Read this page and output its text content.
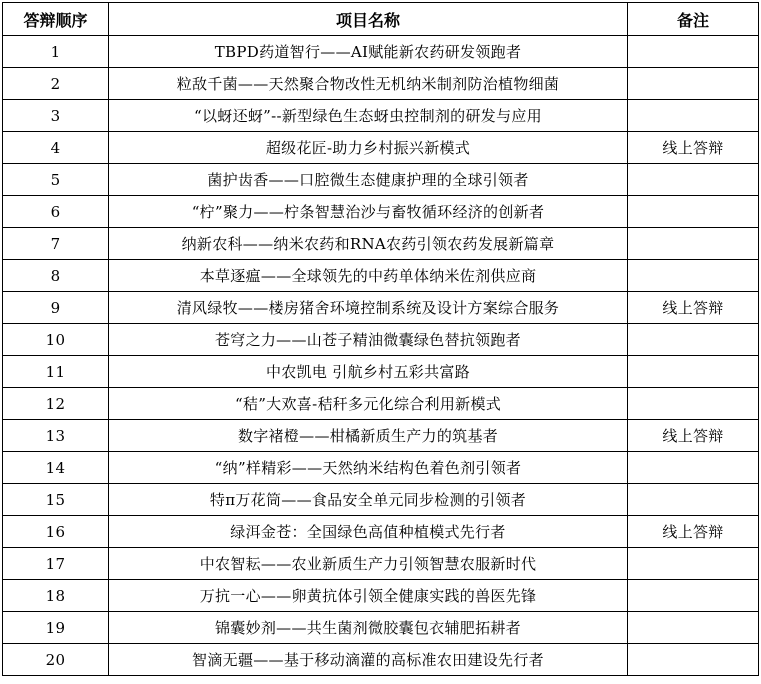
答辩顺序	项目名称	备注
1	TBPD药道智行——AI赋能新农药研发领跑者	
2	粒敌千菌——天然聚合物改性无机纳米制剂防治植物细菌	
3	“以蚜还蚜”--新型绿色生态蚜虫控制剂的研发与应用	
4	超级花匠-助力乡村振兴新模式	线上答辩
5	菌护齿香——口腔微生态健康护理的全球引领者	
6	“柠”聚力——柠条智慧治沙与畜牧循环经济的创新者	
7	纳新农科——纳米农药和RNA农药引领农药发展新篇章	
8	本草逐瘟——全球领先的中药单体纳米佐剂供应商	
9	清风绿牧——楼房猪舍环境控制系统及设计方案综合服务	线上答辩
10	苍穹之力——山苍子精油微囊绿色替抗领跑者	
11	中农凯电 引航乡村五彩共富路	
12	“秸”大欢喜-秸秆多元化综合利用新模式	
13	数字褚橙——柑橘新质生产力的筑基者	线上答辩
14	“纳”样精彩——天然纳米结构色着色剂引领者	
15	特π万花筒——食品安全单元同步检测的引领者	
16	绿洱金苍：全国绿色高值种植模式先行者	线上答辩
17	中农智耘——农业新质生产力引领智慧农服新时代	
18	万抗一心——卵黄抗体引领全健康实践的兽医先锋	
19	锦囊妙剂——共生菌剂微胶囊包衣辅肥拓耕者	
20	智滴无疆——基于移动滴灌的高标准农田建设先行者	
